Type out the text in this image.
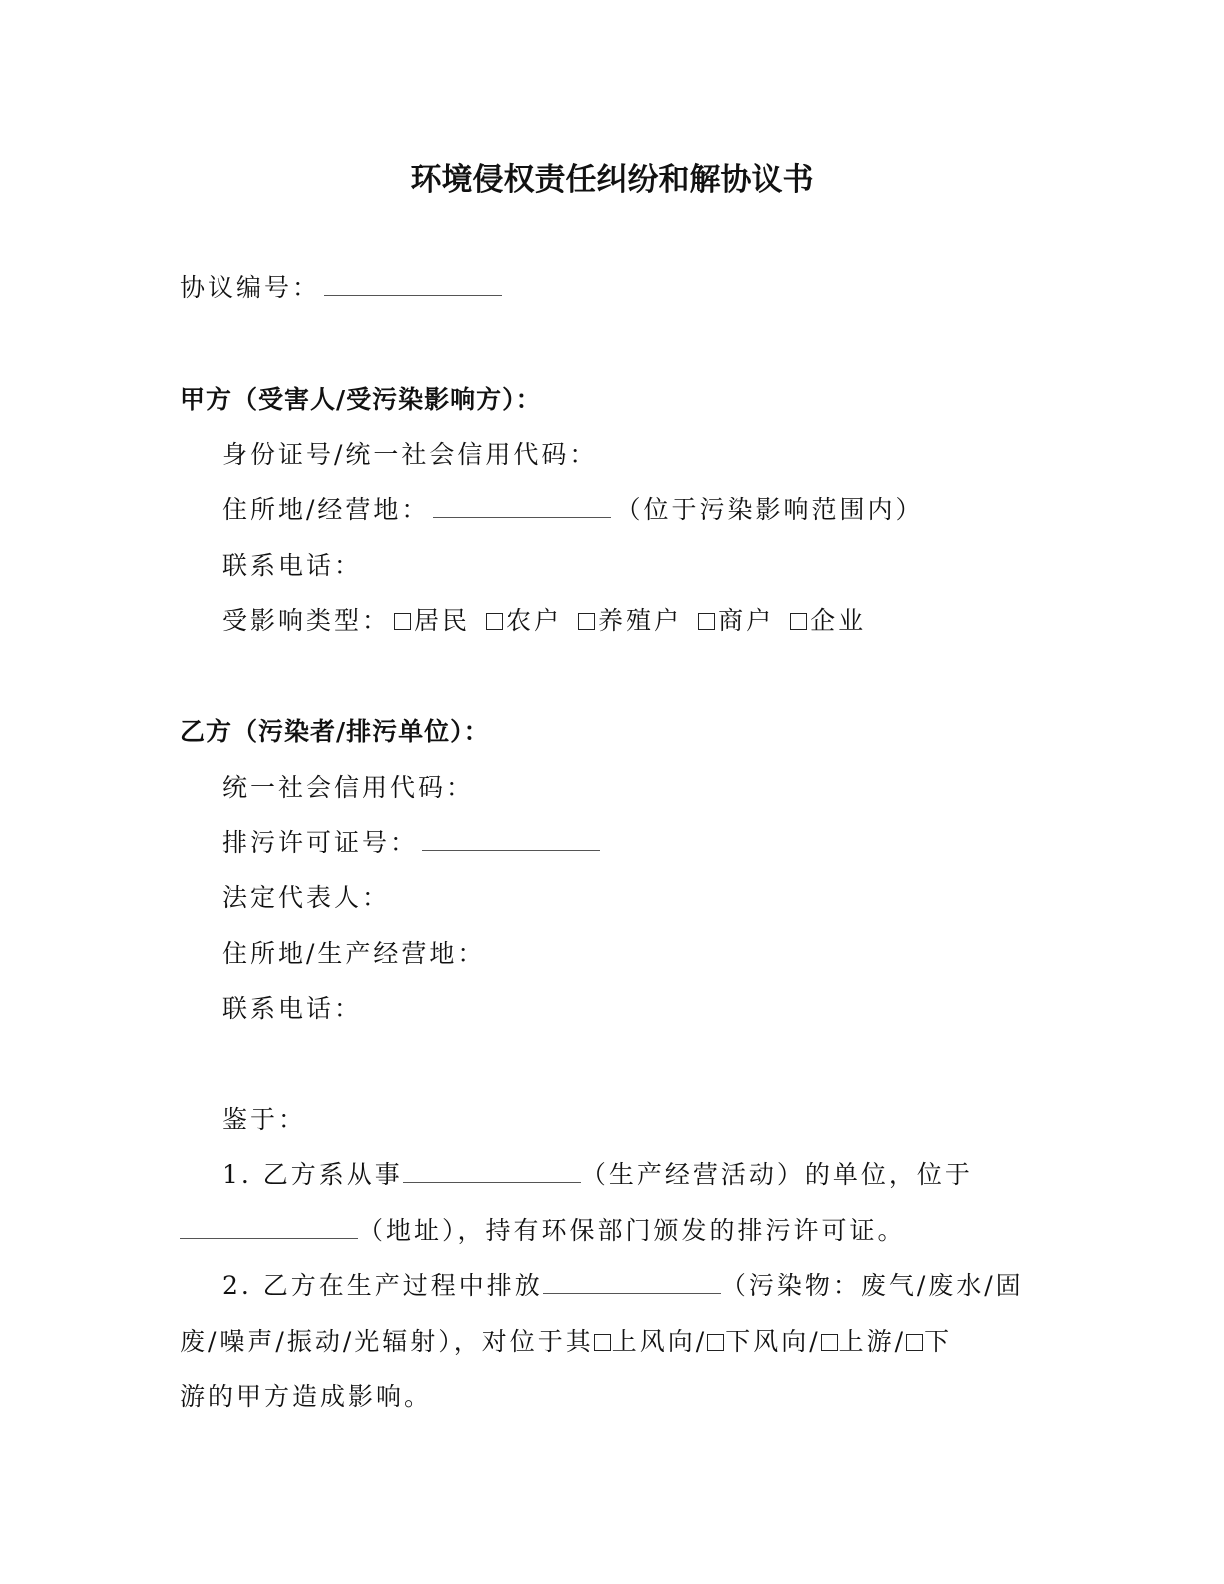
环境侵权责任纠纷和解协议书
协议编号：
甲方（受害人/受污染影响方）：
身份证号/统一社会信用代码：
住所地/经营地：	（位于污染影响范围内）
联系电话：
受影响类型： 居民 农户 养殖户 商户 企业
乙方（污染者/排污单位）：
统一社会信用代码：
排污许可证号：
法定代表人：
住所地/生产经营地：
联系电话：
鉴于：
1. 乙方系从事	（生产经营活动）的单位，位于
（地址），持有环保部门颁发的排污许可证。
2. 乙方在生产过程中排放	（污染物：废气/废水/固
废/噪声/振动/光辐射），对位于其 上风向/ 下风向/ 上游/ 下
游的甲方造成影响。
